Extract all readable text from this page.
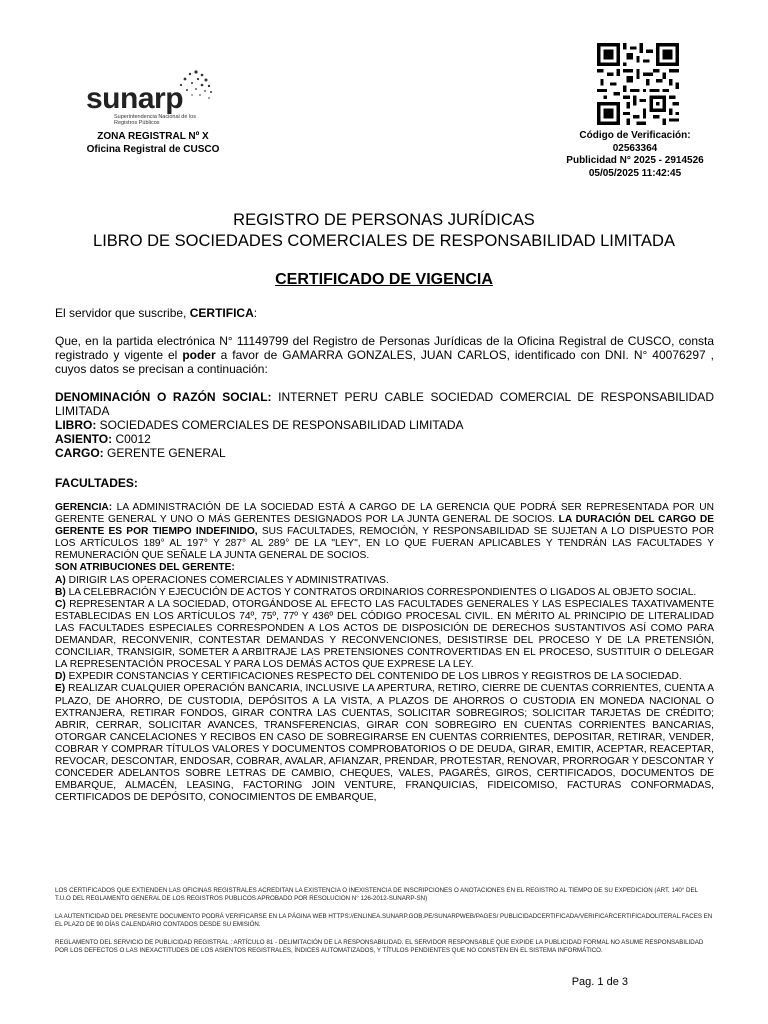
sunarp
Superintendencia Nacional de los Registros Públicos
ZONA REGISTRAL Nº X
Oficina Registral de CUSCO
Código de Verificación:
02563364
Publicidad N° 2025 - 2914526
05/05/2025 11:42:45
REGISTRO DE PERSONAS JURÍDICAS
LIBRO DE SOCIEDADES COMERCIALES DE RESPONSABILIDAD LIMITADA
CERTIFICADO DE VIGENCIA
El servidor que suscribe, CERTIFICA:
Que, en la partida electrónica N° 11149799 del Registro de Personas Jurídicas de la Oficina Registral de CUSCO, consta registrado y vigente el poder a favor de GAMARRA GONZALES, JUAN CARLOS, identificado con DNI. N° 40076297 , cuyos datos se precisan a continuación:
DENOMINACIÓN O RAZÓN SOCIAL: INTERNET PERU CABLE SOCIEDAD COMERCIAL DE RESPONSABILIDAD LIMITADA
LIBRO: SOCIEDADES COMERCIALES DE RESPONSABILIDAD LIMITADA
ASIENTO: C0012
CARGO: GERENTE GENERAL
FACULTADES:
GERENCIA: LA ADMINISTRACIÓN DE LA SOCIEDAD ESTÁ A CARGO DE LA GERENCIA QUE PODRÁ SER REPRESENTADA POR UN GERENTE GENERAL Y UNO O MÁS GERENTES DESIGNADOS POR LA JUNTA GENERAL DE SOCIOS. LA DURACIÓN DEL CARGO DE GERENTE ES POR TIEMPO INDEFINIDO, SUS FACULTADES, REMOCIÓN, Y RESPONSABILIDAD SE SUJETAN A LO DISPUESTO POR LOS ARTÍCULOS 189° AL 197° Y 287° AL 289° DE LA "LEY", EN LO QUE FUERAN APLICABLES Y TENDRÁN LAS FACULTADES Y REMUNERACIÓN QUE SEÑALE LA JUNTA GENERAL DE SOCIOS.
SON ATRIBUCIONES DEL GERENTE:
A) DIRIGIR LAS OPERACIONES COMERCIALES Y ADMINISTRATIVAS.
B) LA CELEBRACIÓN Y EJECUCIÓN DE ACTOS Y CONTRATOS ORDINARIOS CORRESPONDIENTES O LIGADOS AL OBJETO SOCIAL.
C) REPRESENTAR A LA SOCIEDAD, OTORGÁNDOSE AL EFECTO LAS FACULTADES GENERALES Y LAS ESPECIALES TAXATIVAMENTE ESTABLECIDAS EN LOS ARTÍCULOS 74º, 75º, 77º Y 436º DEL CÓDIGO PROCESAL CIVIL. EN MÉRITO AL PRINCIPIO DE LITERALIDAD LAS FACULTADES ESPECIALES CORRESPONDEN A LOS ACTOS DE DISPOSICIÓN DE DERECHOS SUSTANTIVOS ASÍ COMO PARA DEMANDAR, RECONVENIR, CONTESTAR DEMANDAS Y RECONVENCIONES, DESISTIRSE DEL PROCESO Y DE LA PRETENSIÓN, CONCILIAR, TRANSIGIR, SOMETER A ARBITRAJE LAS PRETENSIONES CONTROVERTIDAS EN EL PROCESO, SUSTITUIR O DELEGAR LA REPRESENTACIÓN PROCESAL Y PARA LOS DEMÁS ACTOS QUE EXPRESE LA LEY.
D) EXPEDIR CONSTANCIAS Y CERTIFICACIONES RESPECTO DEL CONTENIDO DE LOS LIBROS Y REGISTROS DE LA SOCIEDAD.
E) REALIZAR CUALQUIER OPERACIÓN BANCARIA, INCLUSIVE LA APERTURA, RETIRO, CIERRE DE CUENTAS CORRIENTES, CUENTA A PLAZO, DE AHORRO, DE CUSTODIA, DEPÓSITOS A LA VISTA, A PLAZOS DE AHORROS O CUSTODIA EN MONEDA NACIONAL O EXTRANJERA, RETIRAR FONDOS, GIRAR CONTRA LAS CUENTAS, SOLICITAR SOBREGIROS; SOLICITAR TARJETAS DE CRÉDITO; ABRIR, CERRAR, SOLICITAR AVANCES, TRANSFERENCIAS, GIRAR CON SOBREGIRO EN CUENTAS CORRIENTES BANCARIAS, OTORGAR CANCELACIONES Y RECIBOS EN CASO DE SOBREGIRARSE EN CUENTAS CORRIENTES, DEPOSITAR, RETIRAR, VENDER, COBRAR Y COMPRAR TÍTULOS VALORES Y DOCUMENTOS COMPROBATORIOS O DE DEUDA, GIRAR, EMITIR, ACEPTAR, REACEPTAR, REVOCAR, DESCONTAR, ENDOSAR, COBRAR, AVALAR, AFIANZAR, PRENDAR, PROTESTAR, RENOVAR, PRORROGAR Y DESCONTAR Y CONCEDER ADELANTOS SOBRE LETRAS DE CAMBIO, CHEQUES, VALES, PAGARÉS, GIROS, CERTIFICADOS, DOCUMENTOS DE EMBARQUE, ALMACÉN, LEASING, FACTORING JOIN VENTURE, FRANQUICIAS, FIDEICOMISO, FACTURAS CONFORMADAS, CERTIFICADOS DE DEPÓSITO, CONOCIMIENTOS DE EMBARQUE,
LOS CERTIFICADOS QUE EXTIENDEN LAS OFICINAS REGISTRALES ACREDITAN LA EXISTENCIA O INEXISTENCIA DE INSCRIPCIONES O ANOTACIONES EN EL REGISTRO AL TIEMPO DE SU EXPEDICION (ART. 140° DEL T.U.O DEL REGLAMENTO GENERAL DE LOS REGISTROS PUBLICOS APROBADO POR RESOLUCION N° 126-2012-SUNARP-SN)
LA AUTENTICIDAD DEL PRESENTE DOCUMENTO PODRÁ VERIFICARSE EN LA PÁGINA WEB HTTPS://ENLINEA.SUNARP.GOB.PE/SUNARPWEB/PAGES/ PUBLICIDADCERTIFICADA/VERIFICARCERTIFICADOLITERAL.FACES EN EL PLAZO DE 90 DÍAS CALENDARIO CONTADOS DESDE SU EMISIÓN.
REGLAMENTO DEL SERVICIO DE PUBLICIDAD REGISTRAL : ARTÍCULO 81 - DELIMITACIÓN DE LA RESPONSABILIDAD. EL SERVIDOR RESPONSABLE QUE EXPIDE LA PUBLICIDAD FORMAL NO ASUME RESPONSABILIDAD POR LOS DEFECTOS O LAS INEXACTITUDES DE LOS ASIENTOS REGISTRALES, ÍNDICES AUTOMATIZADOS, Y TÍTULOS PENDIENTES QUE NO CONSTEN EN EL SISTEMA INFORMÁTICO.
Pag. 1 de 3
